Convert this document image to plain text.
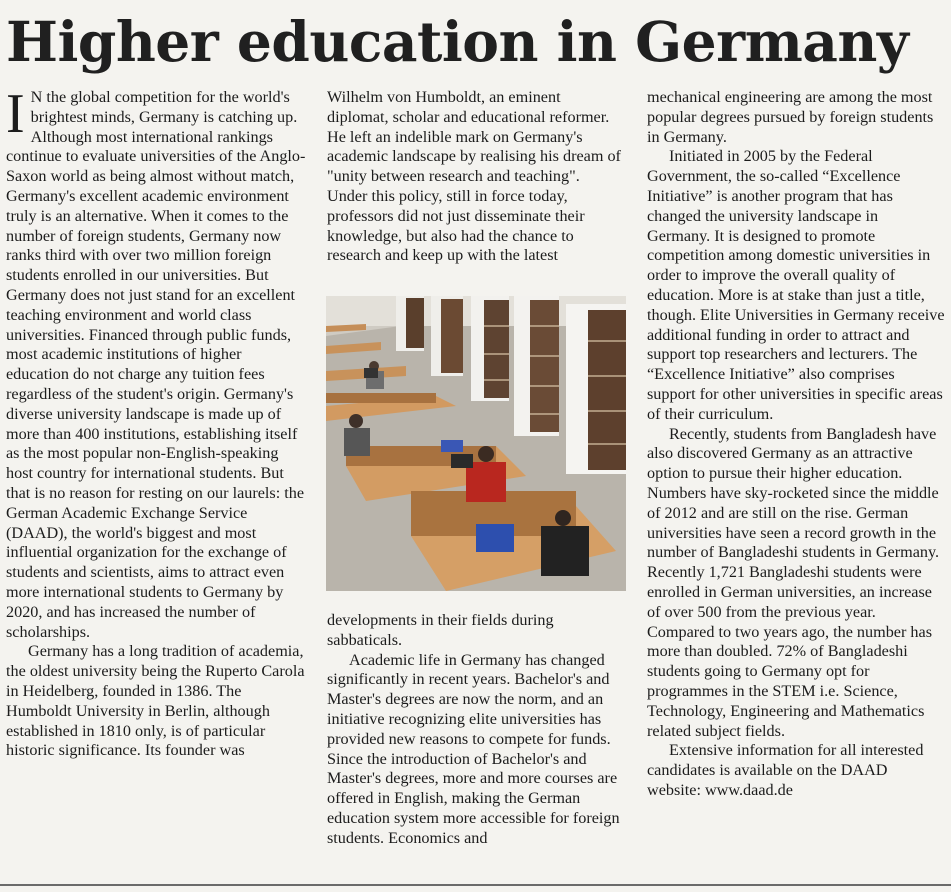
Higher education in Germany

I N the global competition for the world's brightest minds, Germany is catching up. Although most international rankings continue to evaluate universities of the Anglo-Saxon world as being almost without match, Germany's excellent academic environment truly is an alternative. When it comes to the number of foreign students, Germany now ranks third with over two million foreign students enrolled in our universities. But Germany does not just stand for an excellent teaching environment and world class universities. Financed through public funds, most academic institutions of higher education do not charge any tuition fees regardless of the student's origin. Germany's diverse university landscape is made up of more than 400 institutions, establishing itself as the most popular non-English-speaking host country for international students. But that is no reason for resting on our laurels: the German Academic Exchange Service (DAAD), the world's biggest and most influential organization for the exchange of students and scientists, aims to attract even more international students to Germany by 2020, and has increased the number of scholarships.

Germany has a long tradition of academia, the oldest university being the Ruperto Carola in Heidelberg, founded in 1386. The Humboldt University in Berlin, although established in 1810 only, is of particular historic significance. Its founder was

Wilhelm von Humboldt, an eminent diplomat, scholar and educational reformer. He left an indelible mark on Germany's academic landscape by realising his dream of "unity between research and teaching". Under this policy, still in force today, professors did not just disseminate their knowledge, but also had the chance to research and keep up with the latest

developments in their fields during sabbaticals.

Academic life in Germany has changed significantly in recent years. Bachelor's and Master's degrees are now the norm, and an initiative recognizing elite universities has provided new reasons to compete for funds. Since the introduction of Bachelor's and Master's degrees, more and more courses are offered in English, making the German education system more accessible for foreign students. Economics and

mechanical engineering are among the most popular degrees pursued by foreign students in Germany.

Initiated in 2005 by the Federal Government, the so-called “Excellence Initiative” is another program that has changed the university landscape in Germany. It is designed to promote competition among domestic universities in order to improve the overall quality of education. More is at stake than just a title, though. Elite Universities in Germany receive additional funding in order to attract and support top researchers and lecturers. The “Excellence Initiative” also comprises support for other universities in specific areas of their curriculum.

Recently, students from Bangladesh have also discovered Germany as an attractive option to pursue their higher education. Numbers have sky-rocketed since the middle of 2012 and are still on the rise. German universities have seen a record growth in the number of Bangladeshi students in Germany. Recently 1,721 Bangladeshi students were enrolled in German universities, an increase of over 500 from the previous year. Compared to two years ago, the number has more than doubled. 72% of Bangladeshi students going to Germany opt for programmes in the STEM i.e. Science, Technology, Engineering and Mathematics related subject fields.

Extensive information for all interested candidates is available on the DAAD website: www.daad.de
